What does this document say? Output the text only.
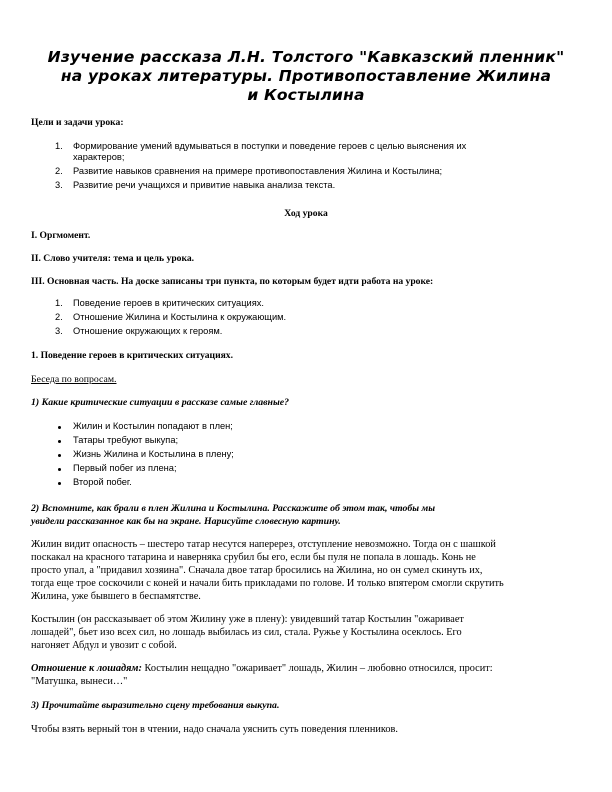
Изучение рассказа Л.Н. Толстого "Кавказский пленник"
на уроках литературы. Противопоставление Жилина
и Костылина
Цели и задачи урока:
1. Формирование умений вдумываться в поступки и поведение героев с целью выяснения их
характеров;
2. Развитие навыков сравнения на примере противопоставления Жилина и Костылина;
3. Развитие речи учащихся и привитие навыка анализа текста.
Ход урока
I. Оргмомент.
II. Слово учителя: тема и цель урока.
III. Основная часть. На доске записаны три пункта, по которым будет идти работа на уроке:
1. Поведение героев в критических ситуациях.
2. Отношение Жилина и Костылина к окружающим.
3. Отношение окружающих к героям.
1. Поведение героев в критических ситуациях.
Беседа по вопросам.
1) Какие критические ситуации в рассказе самые главные?
Жилин и Костылин попадают в плен;
Татары требуют выкупа;
Жизнь Жилина и Костылина в плену;
Первый побег из плена;
Второй побег.
2) Вспомните, как брали в плен Жилина и Костылина. Расскажите об этом так, чтобы мы
увидели рассказанное как бы на экране. Нарисуйте словесную картину.
Жилин видит опасность – шестеро татар несутся наперерез, отступление невозможно. Тогда он с шашкой
поскакал на красного татарина и наверняка срубил бы его, если бы пуля не попала в лошадь. Конь не
просто упал, а "придавил хозяина". Сначала двое татар бросились на Жилина, но он сумел скинуть их,
тогда еще трое соскочили с коней и начали бить прикладами по голове. И только впятером смогли скрутить
Жилина, уже бывшего в беспамятстве.
Костылин (он рассказывает об этом Жилину уже в плену): увидевший татар Костылин "ожаривает
лошадей", бьет изо всех сил, но лошадь выбилась из сил, стала. Ружье у Костылина осеклось. Его
нагоняет Абдул и увозит с собой.
Отношение к лошадям: Костылин нещадно "ожаривает" лошадь, Жилин – любовно относился, просит:
"Матушка, вынеси…"
3) Прочитайте выразительно сцену требования выкупа.
Чтобы взять верный тон в чтении, надо сначала уяснить суть поведения пленников.
